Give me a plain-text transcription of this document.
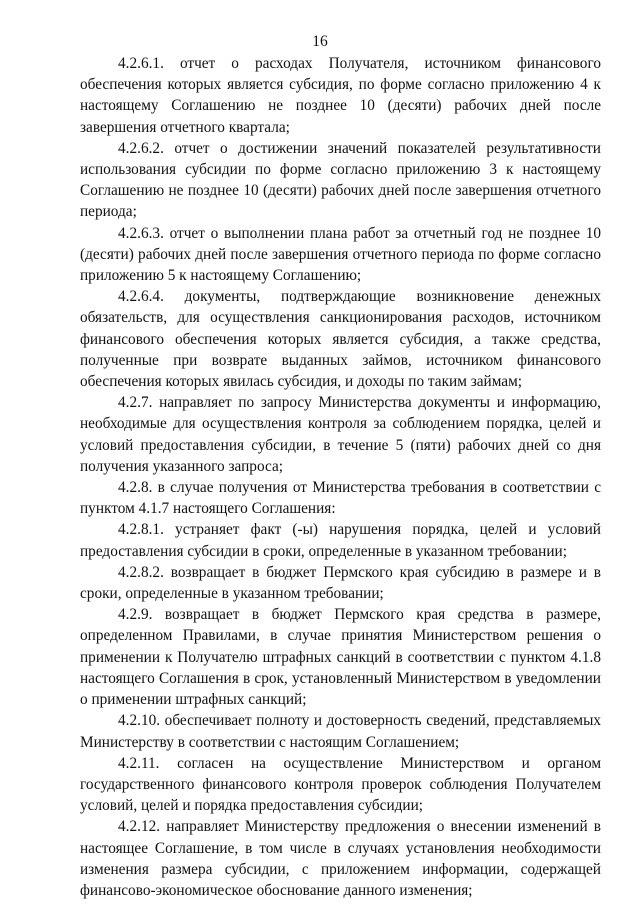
16

4.2.6.1. отчет о расходах Получателя, источником финансового обеспечения которых является субсидия, по форме согласно приложению 4 к настоящему Соглашению не позднее 10 (десяти) рабочих дней после завершения отчетного квартала;

4.2.6.2. отчет о достижении значений показателей результативности использования субсидии по форме согласно приложению 3 к настоящему Соглашению не позднее 10 (десяти) рабочих дней после завершения отчетного периода;

4.2.6.3. отчет о выполнении плана работ за отчетный год не позднее 10 (десяти) рабочих дней после завершения отчетного периода по форме согласно приложению 5 к настоящему Соглашению;

4.2.6.4. документы, подтверждающие возникновение денежных обязательств, для осуществления санкционирования расходов, источником финансового обеспечения которых является субсидия, а также средства, полученные при возврате выданных займов, источником финансового обеспечения которых явилась субсидия, и доходы по таким займам;

4.2.7. направляет по запросу Министерства документы и информацию, необходимые для осуществления контроля за соблюдением порядка, целей и условий предоставления субсидии, в течение 5 (пяти) рабочих дней со дня получения указанного запроса;

4.2.8. в случае получения от Министерства требования в соответствии с пунктом 4.1.7 настоящего Соглашения:

4.2.8.1. устраняет факт (-ы) нарушения порядка, целей и условий предоставления субсидии в сроки, определенные в указанном требовании;

4.2.8.2. возвращает в бюджет Пермского края субсидию в размере и в сроки, определенные в указанном требовании;

4.2.9. возвращает в бюджет Пермского края средства в размере, определенном Правилами, в случае принятия Министерством решения о применении к Получателю штрафных санкций в соответствии с пунктом 4.1.8 настоящего Соглашения в срок, установленный Министерством в уведомлении о применении штрафных санкций;

4.2.10. обеспечивает полноту и достоверность сведений, представляемых Министерству в соответствии с настоящим Соглашением;

4.2.11. согласен на осуществление Министерством и органом государственного финансового контроля проверок соблюдения Получателем условий, целей и порядка предоставления субсидии;

4.2.12. направляет Министерству предложения о внесении изменений в настоящее Соглашение, в том числе в случаях установления необходимости изменения размера субсидии, с приложением информации, содержащей финансово-экономическое обоснование данного изменения;
